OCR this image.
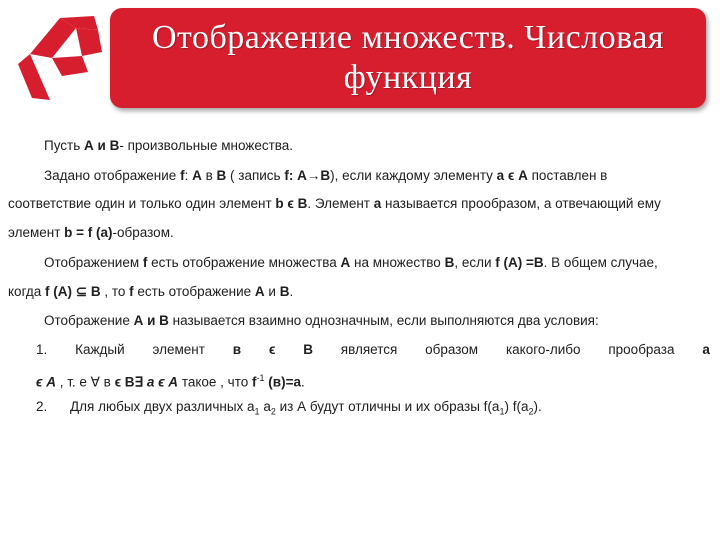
Отображение множеств. Числовая
функция
Пусть А и В- произвольные множества.
Задано отображение f: А в В ( запись f: А→В), если каждому элементу а ϵ А поставлен в
соответствие один и только один элемент b ϵ В. Элемент а называется прообразом, а отвечающий ему
элемент b = f (а)-образом.
Отображением f есть отображение множества А на множество В, если f (А) =В. В общем случае,
когда f (A) ⊆ B , то f есть отображение А и В.
Отображение А и В называется взаимно однозначным, если выполняются два условия:
1. Каждый элемент в ϵ В является образом какого-либо прообраза а
ϵ А , т. е ∀ в ϵ В∃ а ϵ А такое , что $f^{-1}$ (в)=а.
2. Для любых двух различных $а_1$ $а_2$ из А будут отличны и их образы $f(а_1)$ $f(а_2)$.
